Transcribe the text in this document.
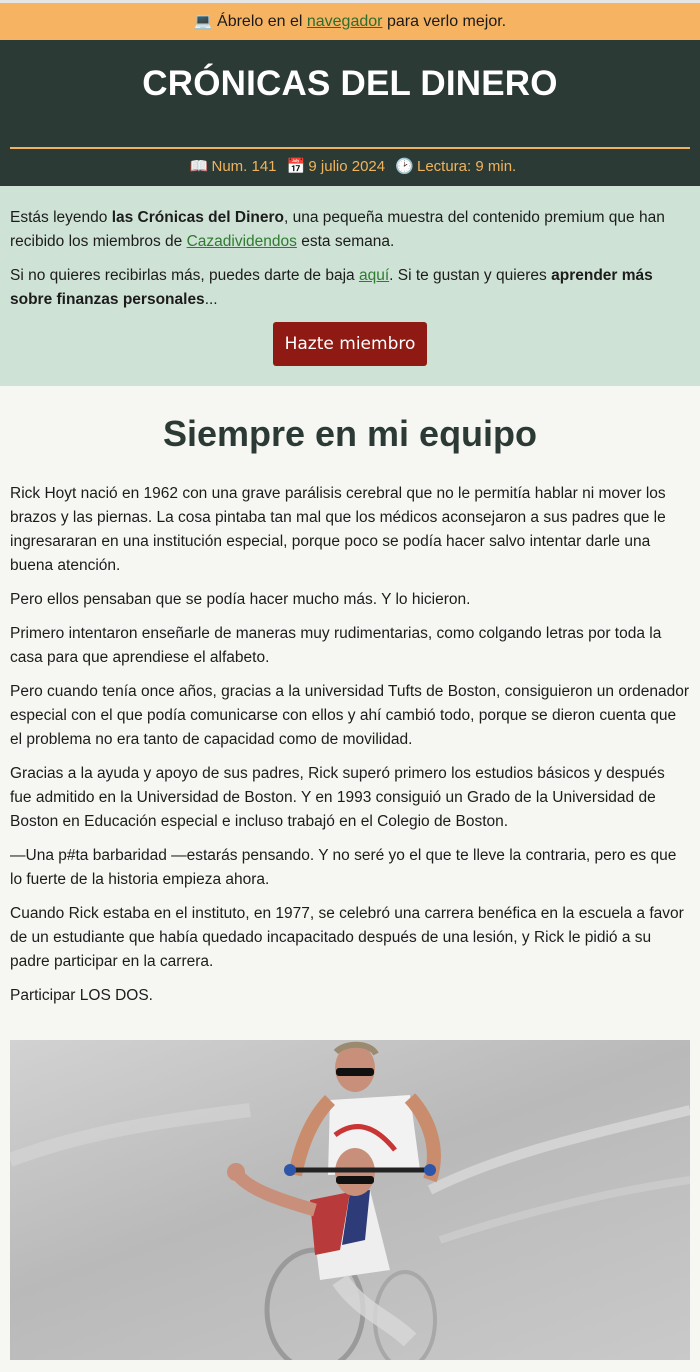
💻 Ábrelo en el navegador para verlo mejor.
CRÓNICAS DEL DINERO
📖 Num. 141 📅 9 julio 2024 🕑 Lectura: 9 min.

Estás leyendo las Crónicas del Dinero, una pequeña muestra del contenido premium que han recibido los miembros de Cazadividendos esta semana.

Si no quieres recibirlas más, puedes darte de baja aquí. Si te gustan y quieres aprender más sobre finanzas personales...

Hazte miembro
Siempre en mi equipo

Rick Hoyt nació en 1962 con una grave parálisis cerebral que no le permitía hablar ni mover los brazos y las piernas. La cosa pintaba tan mal que los médicos aconsejaron a sus padres que le ingresararan en una institución especial, porque poco se podía hacer salvo intentar darle una buena atención.

Pero ellos pensaban que se podía hacer mucho más. Y lo hicieron.

Primero intentaron enseñarle de maneras muy rudimentarias, como colgando letras por toda la casa para que aprendiese el alfabeto.

Pero cuando tenía once años, gracias a la universidad Tufts de Boston, consiguieron un ordenador especial con el que podía comunicarse con ellos y ahí cambió todo, porque se dieron cuenta que el problema no era tanto de capacidad como de movilidad.

Gracias a la ayuda y apoyo de sus padres, Rick superó primero los estudios básicos y después fue admitido en la Universidad de Boston. Y en 1993 consiguió un Grado de la Universidad de Boston en Educación especial e incluso trabajó en el Colegio de Boston.

—Una p#ta barbaridad —estarás pensando. Y no seré yo el que te lleve la contraria, pero es que lo fuerte de la historia empieza ahora.

Cuando Rick estaba en el instituto, en 1977, se celebró una carrera benéfica en la escuela a favor de un estudiante que había quedado incapacitado después de una lesión, y Rick le pidió a su padre participar en la carrera.

Participar LOS DOS.
